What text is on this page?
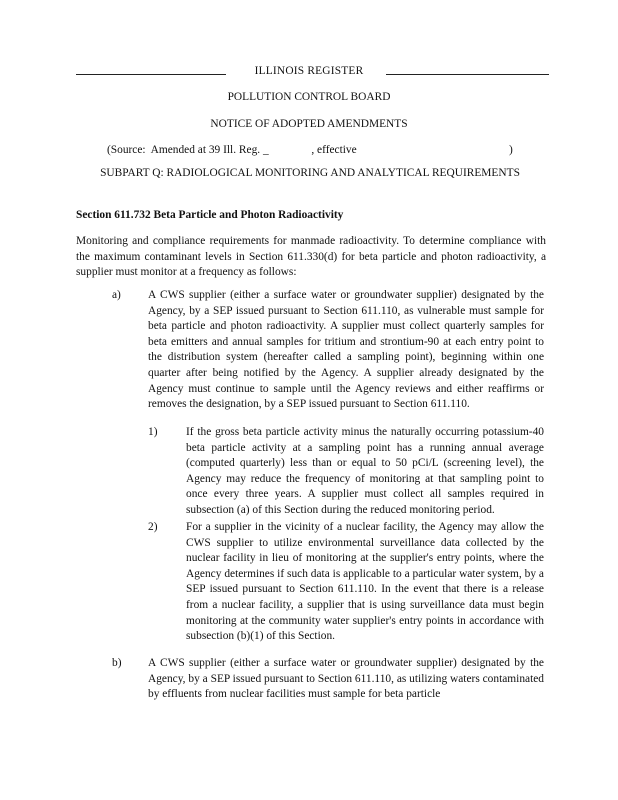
ILLINOIS REGISTER
POLLUTION CONTROL BOARD
NOTICE OF ADOPTED AMENDMENTS
(Source:  Amended at 39 Ill. Reg. _               , effective	)
SUBPART Q: RADIOLOGICAL MONITORING AND ANALYTICAL REQUIREMENTS
Section 611.732 Beta Particle and Photon Radioactivity
Monitoring and compliance requirements for manmade radioactivity. To determine compliance with the maximum contaminant levels in Section 611.330(d) for beta particle and photon radioactivity, a supplier must monitor at a frequency as follows:
a) A CWS supplier (either a surface water or groundwater supplier) designated by the Agency, by a SEP issued pursuant to Section 611.110, as vulnerable must sample for beta particle and photon radioactivity. A supplier must collect quarterly samples for beta emitters and annual samples for tritium and strontium-90 at each entry point to the distribution system (hereafter called a sampling point), beginning within one quarter after being notified by the Agency. A supplier already designated by the Agency must continue to sample until the Agency reviews and either reaffirms or removes the designation, by a SEP issued pursuant to Section 611.110.
1)	If the gross beta particle activity minus the naturally occurring potassium-40 beta particle activity at a sampling point has a running annual average (computed quarterly) less than or equal to 50 pCi/L (screening level), the Agency may reduce the frequency of monitoring at that sampling point to once every three years. A supplier must collect all samples required in subsection (a) of this Section during the reduced monitoring period.
2)	For a supplier in the vicinity of a nuclear facility, the Agency may allow the CWS supplier to utilize environmental surveillance data collected by the nuclear facility in lieu of monitoring at the supplier's entry points, where the Agency determines if such data is applicable to a particular water system, by a SEP issued pursuant to Section 611.110. In the event that there is a release from a nuclear facility, a supplier that is using surveillance data must begin monitoring at the community water supplier's entry points in accordance with subsection (b)(1) of this Section.
b) A CWS supplier (either a surface water or groundwater supplier) designated by the Agency, by a SEP issued pursuant to Section 611.110, as utilizing waters contaminated by effluents from nuclear facilities must sample for beta particle
